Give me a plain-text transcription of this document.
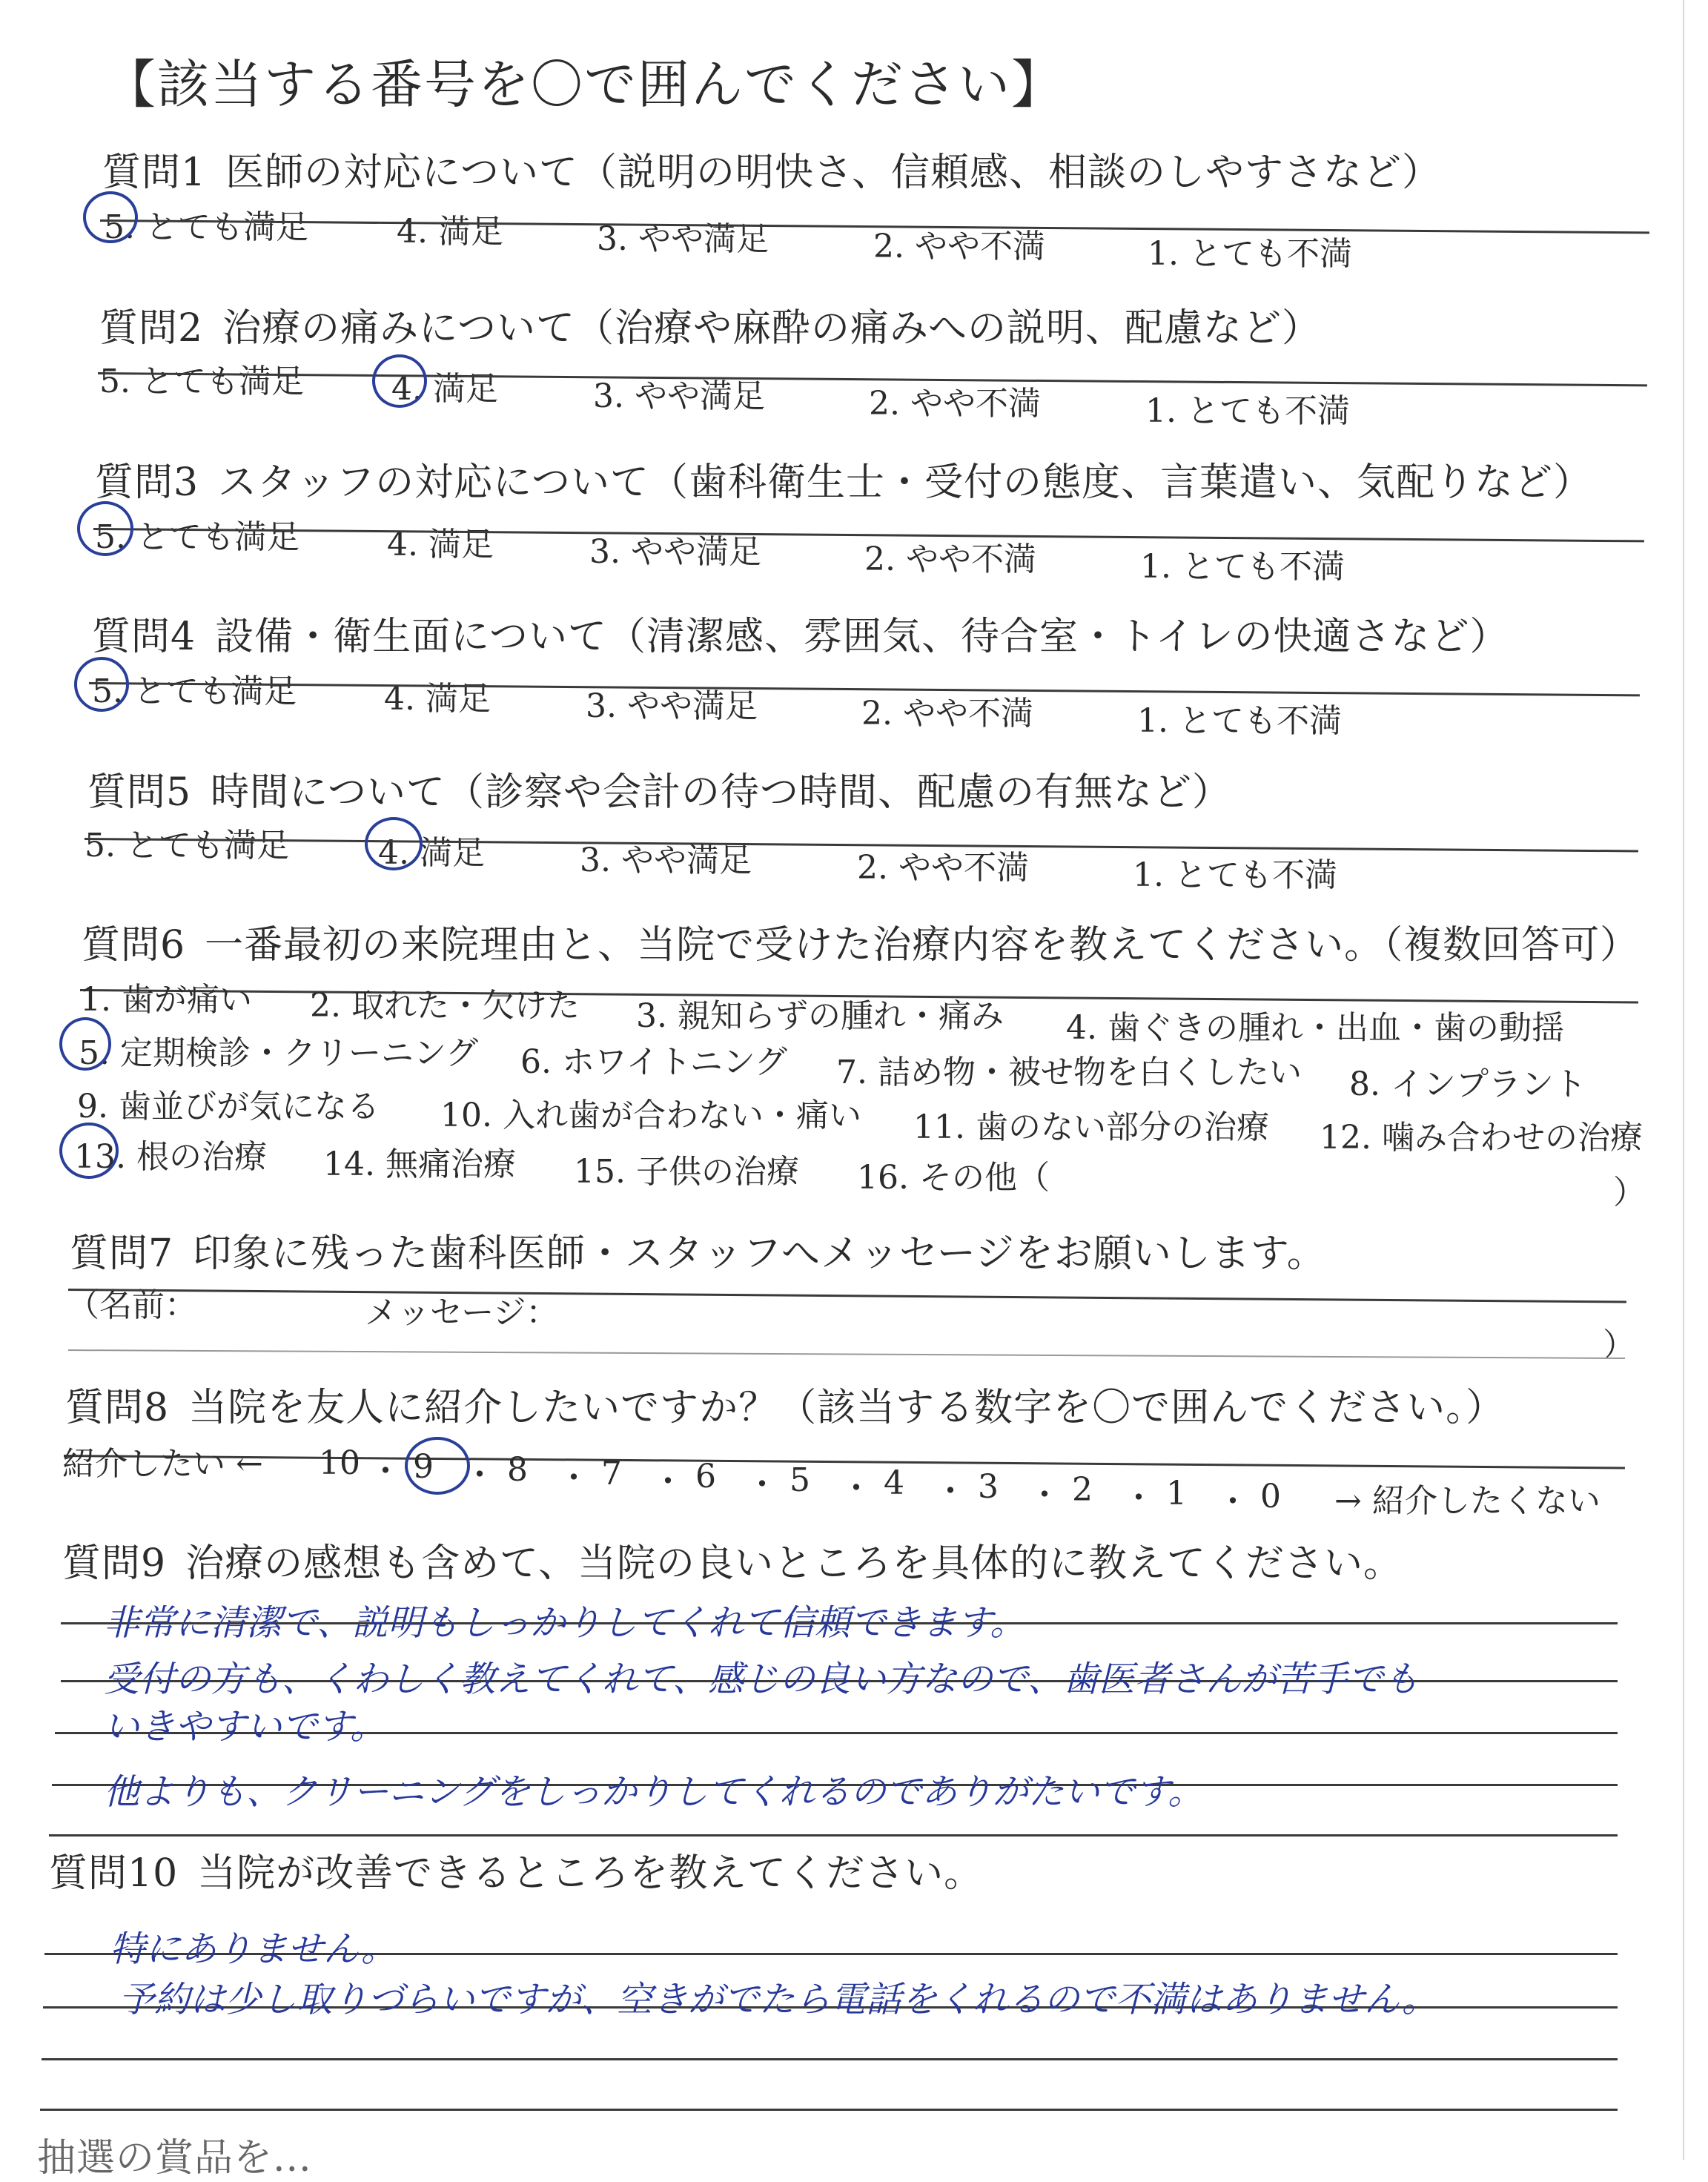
【該当する番号を〇で囲んでください】
質問1 医師の対応について（説明の明快さ、信頼感、相談のしやすさなど）
5. とても満足	4. 満足	3. やや満足	2. やや不満	1. とても不満
質問2 治療の痛みについて（治療や麻酔の痛みへの説明、配慮など）
5. とても満足	4. 満足	3. やや満足	2. やや不満	1. とても不満
質問3 スタッフの対応について（歯科衛生士・受付の態度、言葉遣い、気配りなど）
5. とても満足	4. 満足	3. やや満足	2. やや不満	1. とても不満
質問4 設備・衛生面について（清潔感、雰囲気、待合室・トイレの快適さなど）
5. とても満足	4. 満足	3. やや満足	2. やや不満	1. とても不満
質問5 時間について（診察や会計の待つ時間、配慮の有無など）
5. とても満足	4. 満足	3. やや満足	2. やや不満	1. とても不満
質問6 一番最初の来院理由と、当院で受けた治療内容を教えてください。（複数回答可）
1. 歯が痛い 2. 取れた・欠けた 3. 親知らずの腫れ・痛み 4. 歯ぐきの腫れ・出血・歯の動揺
5. 定期検診・クリーニング 6. ホワイトニング 7. 詰め物・被せ物を白くしたい 8. インプラント
9. 歯並びが気になる 10. 入れ歯が合わない・痛い 11. 歯のない部分の治療 12. 噛み合わせの治療
13. 根の治療 14. 無痛治療 15. 子供の治療 16. その他（	）
質問7 印象に残った歯科医師・スタッフへメッセージをお願いします。
（名前：	メッセージ：
）
質問8 当院を友人に紹介したいですか？（該当する数字を〇で囲んでください。）
紹介したい ← 10 ・ 9 ・ 8 ・ 7 ・ 6 ・ 5 ・ 4 ・ 3 ・ 2 ・ 1 ・ 0 → 紹介したくない
質問9 治療の感想も含めて、当院の良いところを具体的に教えてください。
非常に清潔で、説明もしっかりしてくれて信頼できます。
受付の方も、くわしく教えてくれて、感じの良い方なので、歯医者さんが苦手でも
いきやすいです。
他よりも、クリーニングをしっかりしてくれるのでありがたいです。
質問10 当院が改善できるところを教えてください。
特にありません。
予約は少し取りづらいですが、空きがでたら電話をくれるので不満はありません。
抽選の賞品を...
